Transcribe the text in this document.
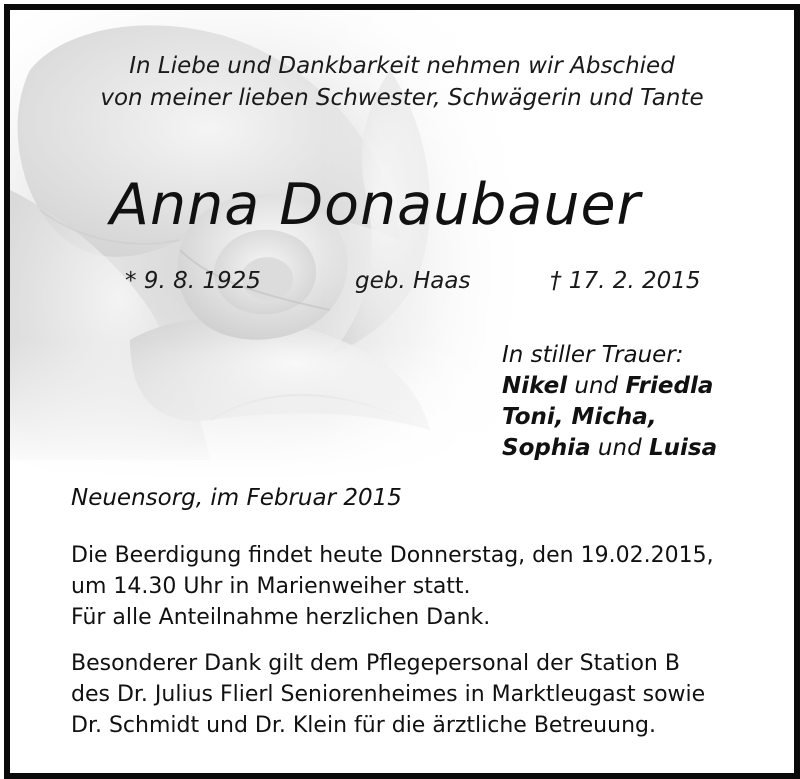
In Liebe und Dankbarkeit nehmen wir Abschied
von meiner lieben Schwester, Schwägerin und Tante
Anna Donaubauer
* 9. 8. 1925	geb. Haas	† 17. 2. 2015
In stiller Trauer:
Nikel und Friedla
Toni, Micha,
Sophia und Luisa
Neuensorg, im Februar 2015
Die Beerdigung findet heute Donnerstag, den 19.02.2015,
um 14.30 Uhr in Marienweiher statt.
Für alle Anteilnahme herzlichen Dank.
Besonderer Dank gilt dem Pflegepersonal der Station B
des Dr. Julius Flierl Seniorenheimes in Marktleugast sowie
Dr. Schmidt und Dr. Klein für die ärztliche Betreuung.
